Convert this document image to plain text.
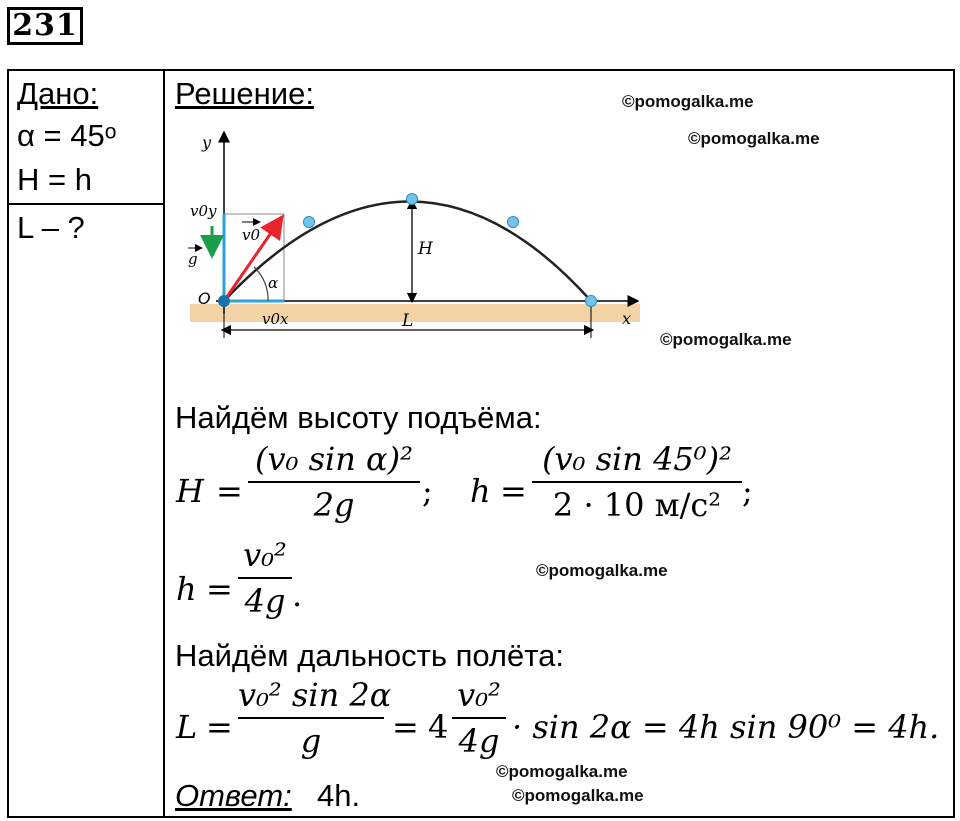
231
Дано:
α = 45ᵒ
H = h
L – ?
Решение:	©pomogalka.me
©pomogalka.me
©pomogalka.me
©pomogalka.me
©pomogalka.me
©pomogalka.me
y
x
O
v0y
v0
g
α
H
L
v0x
Найдём высоту подъёма:
H =
(v₀ sin α)²
2g	; h =
(v₀ sin 45⁰)²
2 · 10 м/с² ;
h =
v₀²
4g .
Найдём дальность полёта:
L =
v₀² sin 2α
g	= 4
v₀²
4g · sin 2α = 4h sin 90⁰ = 4h.
Ответ: 4h.
